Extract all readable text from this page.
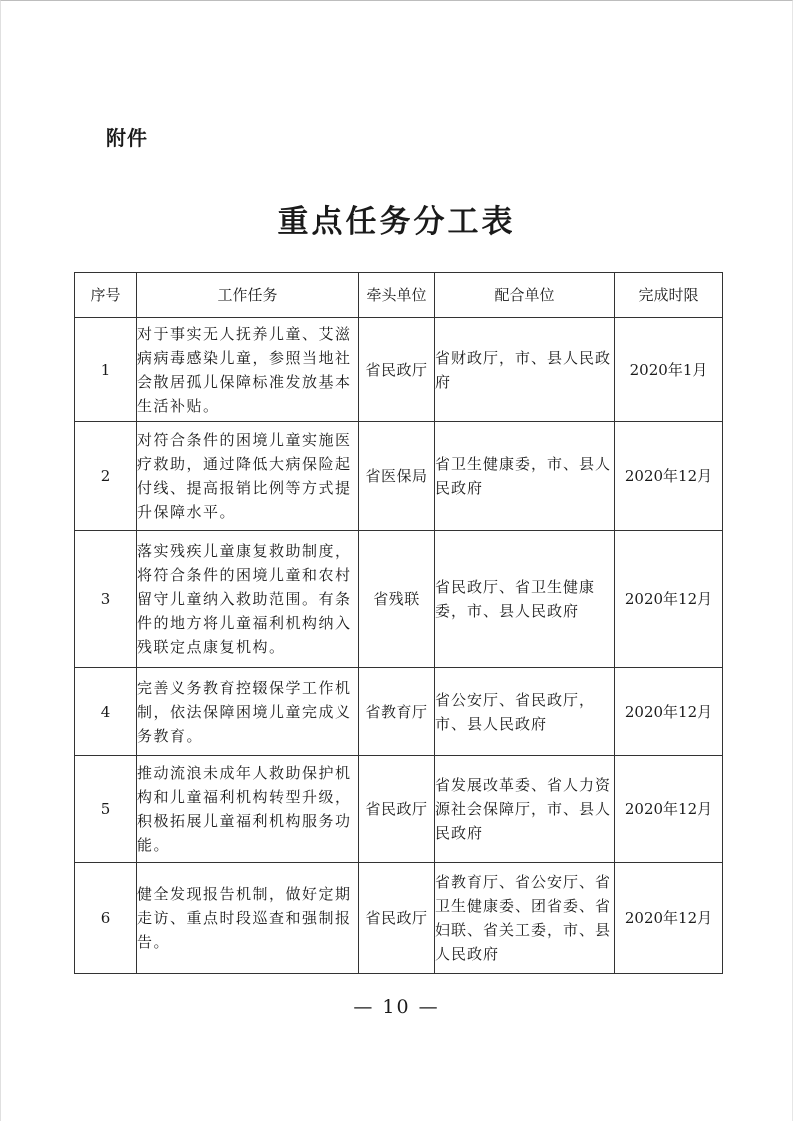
附件
重点任务分工表
序号	工作任务	牵头单位	配合单位	完成时限
1	对于事实无人抚养儿童、艾滋病病毒感染儿童，参照当地社会散居孤儿保障标准发放基本生活补贴。	省民政厅	省财政厅，市、县人民政府	2020年1月
2	对符合条件的困境儿童实施医疗救助，通过降低大病保险起付线、提高报销比例等方式提升保障水平。	省医保局	省卫生健康委，市、县人民政府	2020年12月
3	落实残疾儿童康复救助制度，将符合条件的困境儿童和农村留守儿童纳入救助范围。有条件的地方将儿童福利机构纳入残联定点康复机构。	省残联	省民政厅、省卫生健康委，市、县人民政府	2020年12月
4	完善义务教育控辍保学工作机制，依法保障困境儿童完成义务教育。	省教育厅	省公安厅、省民政厅，市、县人民政府	2020年12月
5	推动流浪未成年人救助保护机构和儿童福利机构转型升级，积极拓展儿童福利机构服务功能。	省民政厅	省发展改革委、省人力资源社会保障厅，市、县人民政府	2020年12月
6	健全发现报告机制，做好定期走访、重点时段巡查和强制报告。	省民政厅	省教育厅、省公安厅、省卫生健康委、团省委、省妇联、省关工委，市、县人民政府	2020年12月
— 10 —
